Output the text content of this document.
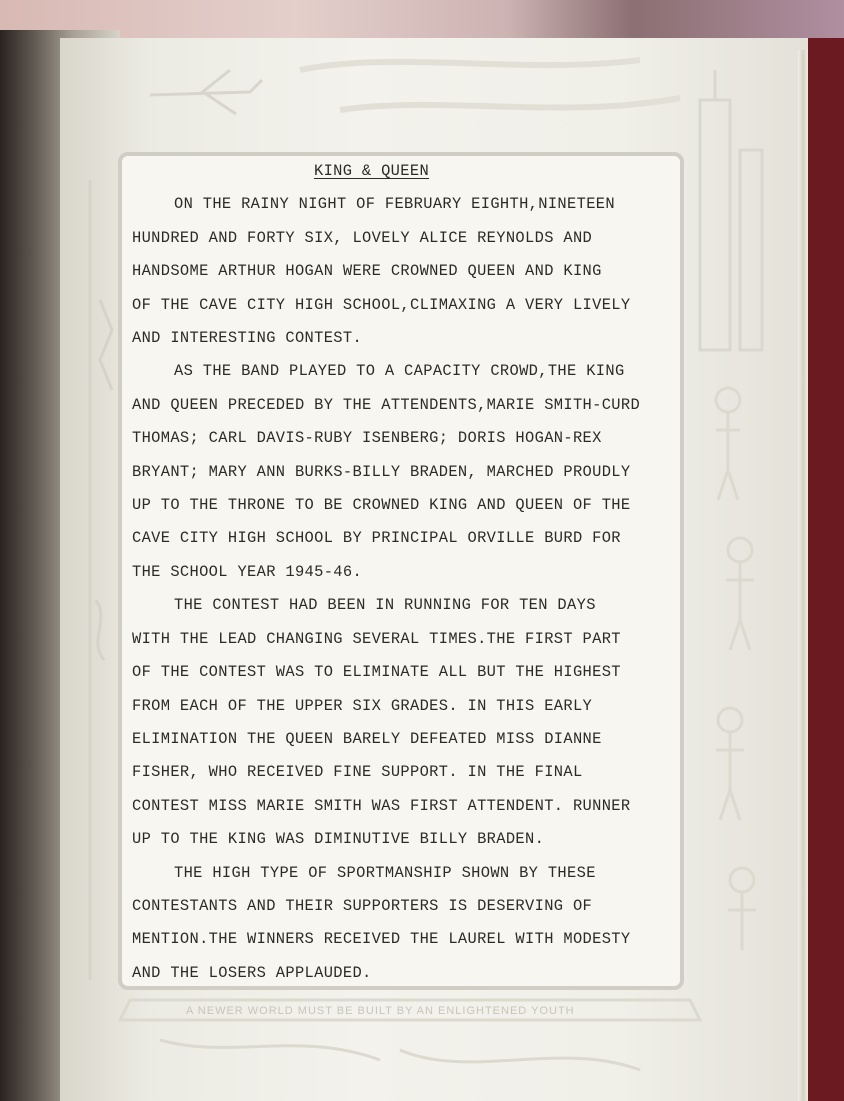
KING & QUEEN
ON THE RAINY NIGHT OF FEBRUARY EIGHTH,NINETEEN
HUNDRED AND FORTY SIX, LOVELY ALICE REYNOLDS AND
HANDSOME ARTHUR HOGAN WERE CROWNED QUEEN AND KING
OF THE CAVE CITY HIGH SCHOOL,CLIMAXING A VERY LIVELY
AND INTERESTING CONTEST.
AS THE BAND PLAYED TO A CAPACITY CROWD,THE KING
AND QUEEN PRECEDED BY THE ATTENDENTS,MARIE SMITH-CURD
THOMAS; CARL DAVIS-RUBY ISENBERG; DORIS HOGAN-REX
BRYANT; MARY ANN BURKS-BILLY BRADEN, MARCHED PROUDLY
UP TO THE THRONE TO BE CROWNED KING AND QUEEN OF THE
CAVE CITY HIGH SCHOOL BY PRINCIPAL ORVILLE BURD FOR
THE SCHOOL YEAR 1945-46.
THE CONTEST HAD BEEN IN RUNNING FOR TEN DAYS
WITH THE LEAD CHANGING SEVERAL TIMES.THE FIRST PART
OF THE CONTEST WAS TO ELIMINATE ALL BUT THE HIGHEST
FROM EACH OF THE UPPER SIX GRADES. IN THIS EARLY
ELIMINATION THE QUEEN BARELY DEFEATED MISS DIANNE
FISHER, WHO RECEIVED FINE SUPPORT. IN THE FINAL
CONTEST MISS MARIE SMITH WAS FIRST ATTENDENT. RUNNER
UP TO THE KING WAS DIMINUTIVE BILLY BRADEN.
THE HIGH TYPE OF SPORTMANSHIP SHOWN BY THESE
CONTESTANTS AND THEIR SUPPORTERS IS DESERVING OF
MENTION.THE WINNERS RECEIVED THE LAUREL WITH MODESTY
AND THE LOSERS APPLAUDED.
A NEWER WORLD MUST BE BUILT BY AN ENLIGHTENED YOUTH
